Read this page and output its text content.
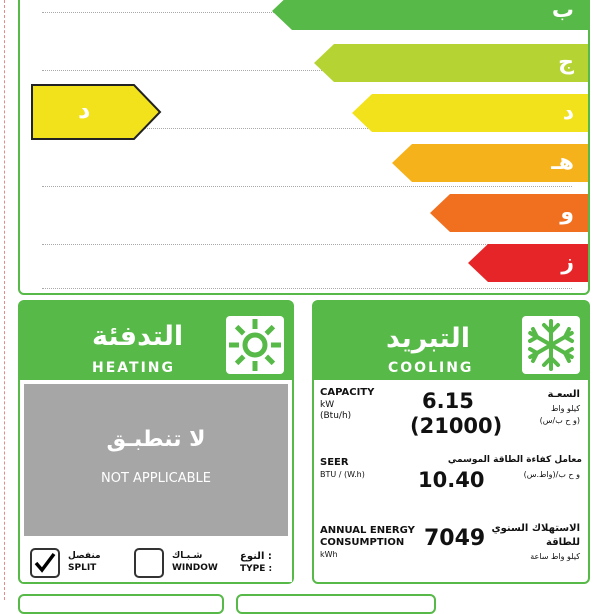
ب
ج
د
هـ
و
ز
د
التدفئة
HEATING
لا تنطبـق
NOT APPLICABLE
التبريد
COOLING
CAPACITY
kW
(Btu/h)
6.15
(21000)
السعـة
كيلو واط
(و ح ب/س)
SEER
BTU / (W.h)	10.40
معامل كفاءة الطاقة الموسمي
و ح ب/(واط.س)
ANNUAL ENERGY
CONSUMPTION
kWh
7049 الاستهلاك السنوي
للطاقة
كيلو واط ساعة
منفصل
SPLIT
شـبـاك
WINDOW
النوع :
TYPE :
